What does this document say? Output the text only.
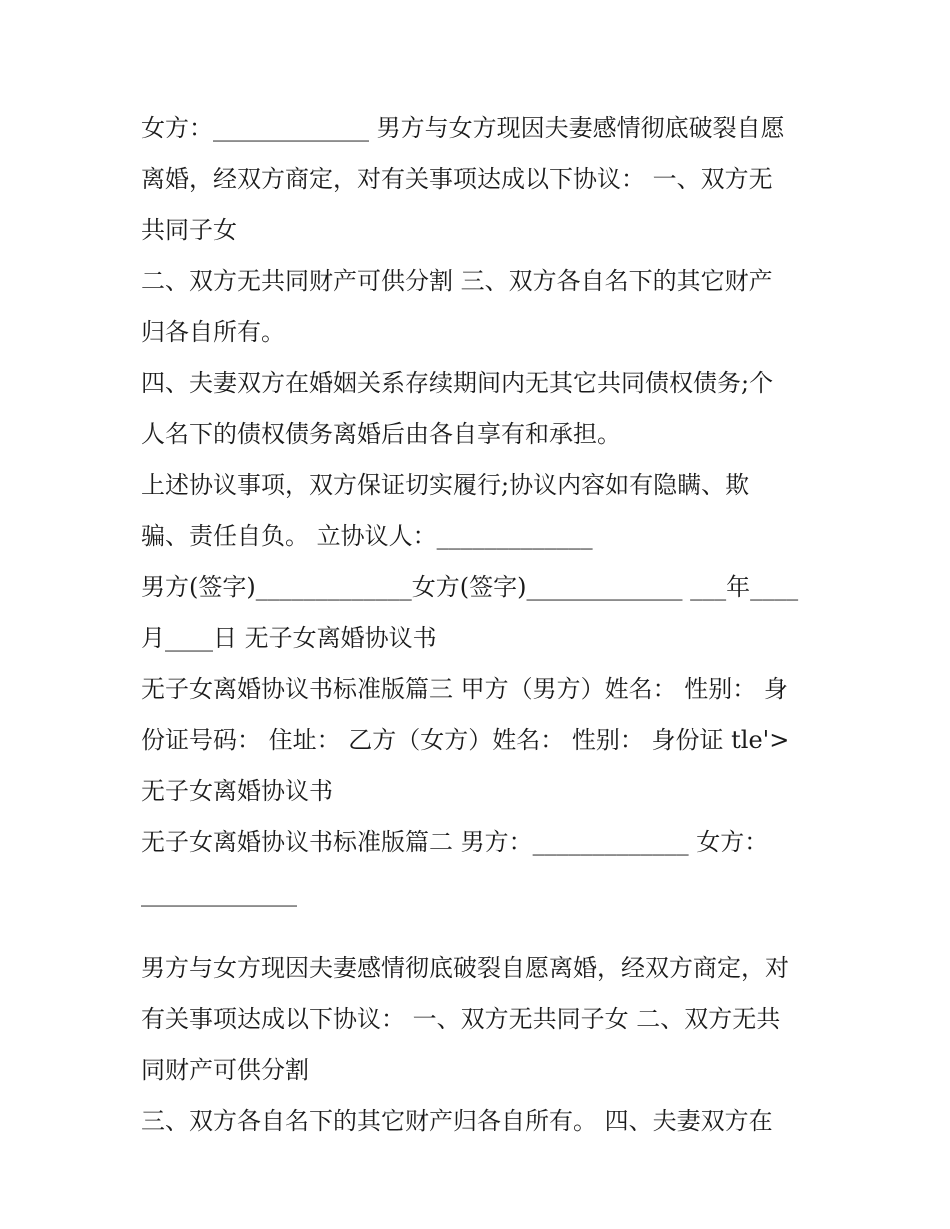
女方：_____________ 男方与女方现因夫妻感情彻底破裂自愿
离婚，经双方商定，对有关事项达成以下协议： 一、双方无
共同子女
二、双方无共同财产可供分割 三、双方各自名下的其它财产
归各自所有。
四、夫妻双方在婚姻关系存续期间内无其它共同债权债务;个
人名下的债权债务离婚后由各自享有和承担。
上述协议事项，双方保证切实履行;协议内容如有隐瞒、欺
骗、责任自负。 立协议人：_____________
男方(签字)_____________女方(签字)_____________ ___年____
月____日 无子女离婚协议书
无子女离婚协议书标准版篇三 甲方（男方）姓名： 性别： 身
份证号码： 住址： 乙方（女方）姓名： 性别： 身份证 tle'>
无子女离婚协议书
无子女离婚协议书标准版篇二 男方：_____________ 女方：
_____________
男方与女方现因夫妻感情彻底破裂自愿离婚，经双方商定，对
有关事项达成以下协议： 一、双方无共同子女 二、双方无共
同财产可供分割
三、双方各自名下的其它财产归各自所有。 四、夫妻双方在
